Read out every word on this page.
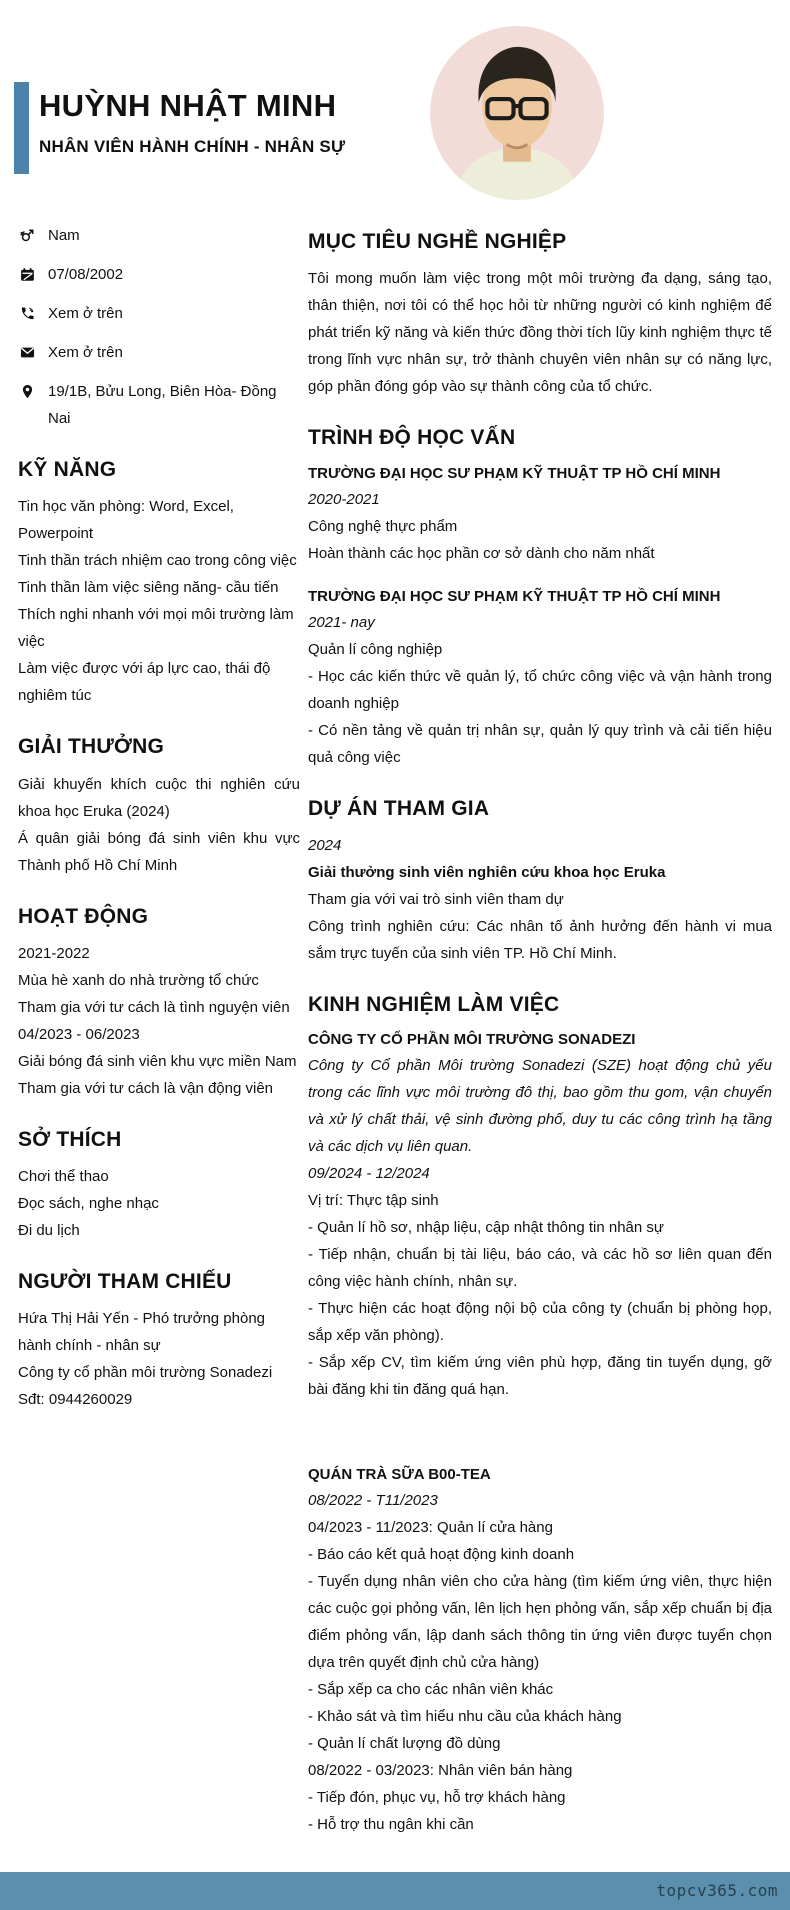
HUỲNH NHẬT MINH
NHÂN VIÊN HÀNH CHÍNH - NHÂN SỰ
Nam
07/08/2002
Xem ở trên
Xem ở trên
19/1B, Bửu Long, Biên Hòa- Đồng Nai
KỸ NĂNG
Tin học văn phòng: Word, Excel, Powerpoint
Tinh thần trách nhiệm cao trong công việc
Tinh thần làm việc siêng năng- cầu tiến
Thích nghi nhanh với mọi môi trường làm việc
Làm việc được với áp lực cao, thái độ nghiêm túc
GIẢI THƯỞNG
Giải khuyến khích cuộc thi nghiên cứu khoa học Eruka (2024)
Á quân giải bóng đá sinh viên khu vực Thành phố Hồ Chí Minh
HOẠT ĐỘNG
2021-2022
Mùa hè xanh do nhà trường tổ chức
Tham gia với tư cách là tình nguyện viên
04/2023 - 06/2023
Giải bóng đá sinh viên khu vực miền Nam
Tham gia với tư cách là vận động viên
SỞ THÍCH
Chơi thể thao
Đọc sách, nghe nhạc
Đi du lịch
NGƯỜI THAM CHIẾU
Hứa Thị Hải Yến - Phó trưởng phòng hành chính - nhân sự
Công ty cổ phần môi trường Sonadezi
Sđt: 0944260029
MỤC TIÊU NGHỀ NGHIỆP

Tôi mong muốn làm việc trong một môi trường đa dạng, sáng tạo, thân thiện, nơi tôi có thể học hỏi từ những người có kinh nghiệm để phát triển kỹ năng và kiến thức đồng thời tích lũy kinh nghiệm thực tế trong lĩnh vực nhân sự, trở thành chuyên viên nhân sự có năng lực, góp phần đóng góp vào sự thành công của tổ chức.

TRÌNH ĐỘ HỌC VẤN
TRƯỜNG ĐẠI HỌC SƯ PHẠM KỸ THUẬT TP HỒ CHÍ MINH
2020-2021
Công nghệ thực phẩm
Hoàn thành các học phần cơ sở dành cho năm nhất
TRƯỜNG ĐẠI HỌC SƯ PHẠM KỸ THUẬT TP HỒ CHÍ MINH
2021- nay
Quản lí công nghiệp
- Học các kiến thức về quản lý, tổ chức công việc và vận hành trong doanh nghiệp
- Có nền tảng về quản trị nhân sự, quản lý quy trình và cải tiến hiệu quả công việc
DỰ ÁN THAM GIA
2024
Giải thưởng sinh viên nghiên cứu khoa học Eruka
Tham gia với vai trò sinh viên tham dự
Công trình nghiên cứu: Các nhân tố ảnh hưởng đến hành vi mua sắm trực tuyến của sinh viên TP. Hồ Chí Minh.
KINH NGHIỆM LÀM VIỆC
CÔNG TY CỔ PHẦN MÔI TRƯỜNG SONADEZI
Công ty Cổ phần Môi trường Sonadezi (SZE) hoạt động chủ yếu trong các lĩnh vực môi trường đô thị, bao gồm thu gom, vận chuyển và xử lý chất thải, vệ sinh đường phố, duy tu các công trình hạ tầng và các dịch vụ liên quan.
09/2024 - 12/2024
Vị trí: Thực tập sinh
- Quản lí hồ sơ, nhập liệu, cập nhật thông tin nhân sự
- Tiếp nhận, chuẩn bị tài liệu, báo cáo, và các hồ sơ liên quan đến công việc hành chính, nhân sự.
- Thực hiện các hoạt động nội bộ của công ty (chuẩn bị phòng họp, sắp xếp văn phòng).
- Sắp xếp CV, tìm kiếm ứng viên phù hợp, đăng tin tuyển dụng, gỡ bài đăng khi tin đăng quá hạn.
QUÁN TRÀ SỮA B00-TEA
08/2022 - T11/2023
04/2023 - 11/2023: Quản lí cửa hàng
- Báo cáo kết quả hoạt động kinh doanh
- Tuyển dụng nhân viên cho cửa hàng (tìm kiếm ứng viên, thực hiện các cuộc gọi phỏng vấn, lên lịch hẹn phỏng vấn, sắp xếp chuẩn bị địa điểm phỏng vấn, lập danh sách thông tin ứng viên được tuyển chọn dựa trên quyết định chủ cửa hàng)
- Sắp xếp ca cho các nhân viên khác
- Khảo sát và tìm hiểu nhu cầu của khách hàng
- Quản lí chất lượng đồ dùng
08/2022 - 03/2023: Nhân viên bán hàng
- Tiếp đón, phục vụ, hỗ trợ khách hàng
- Hỗ trợ thu ngân khi cần
topcv365.com
